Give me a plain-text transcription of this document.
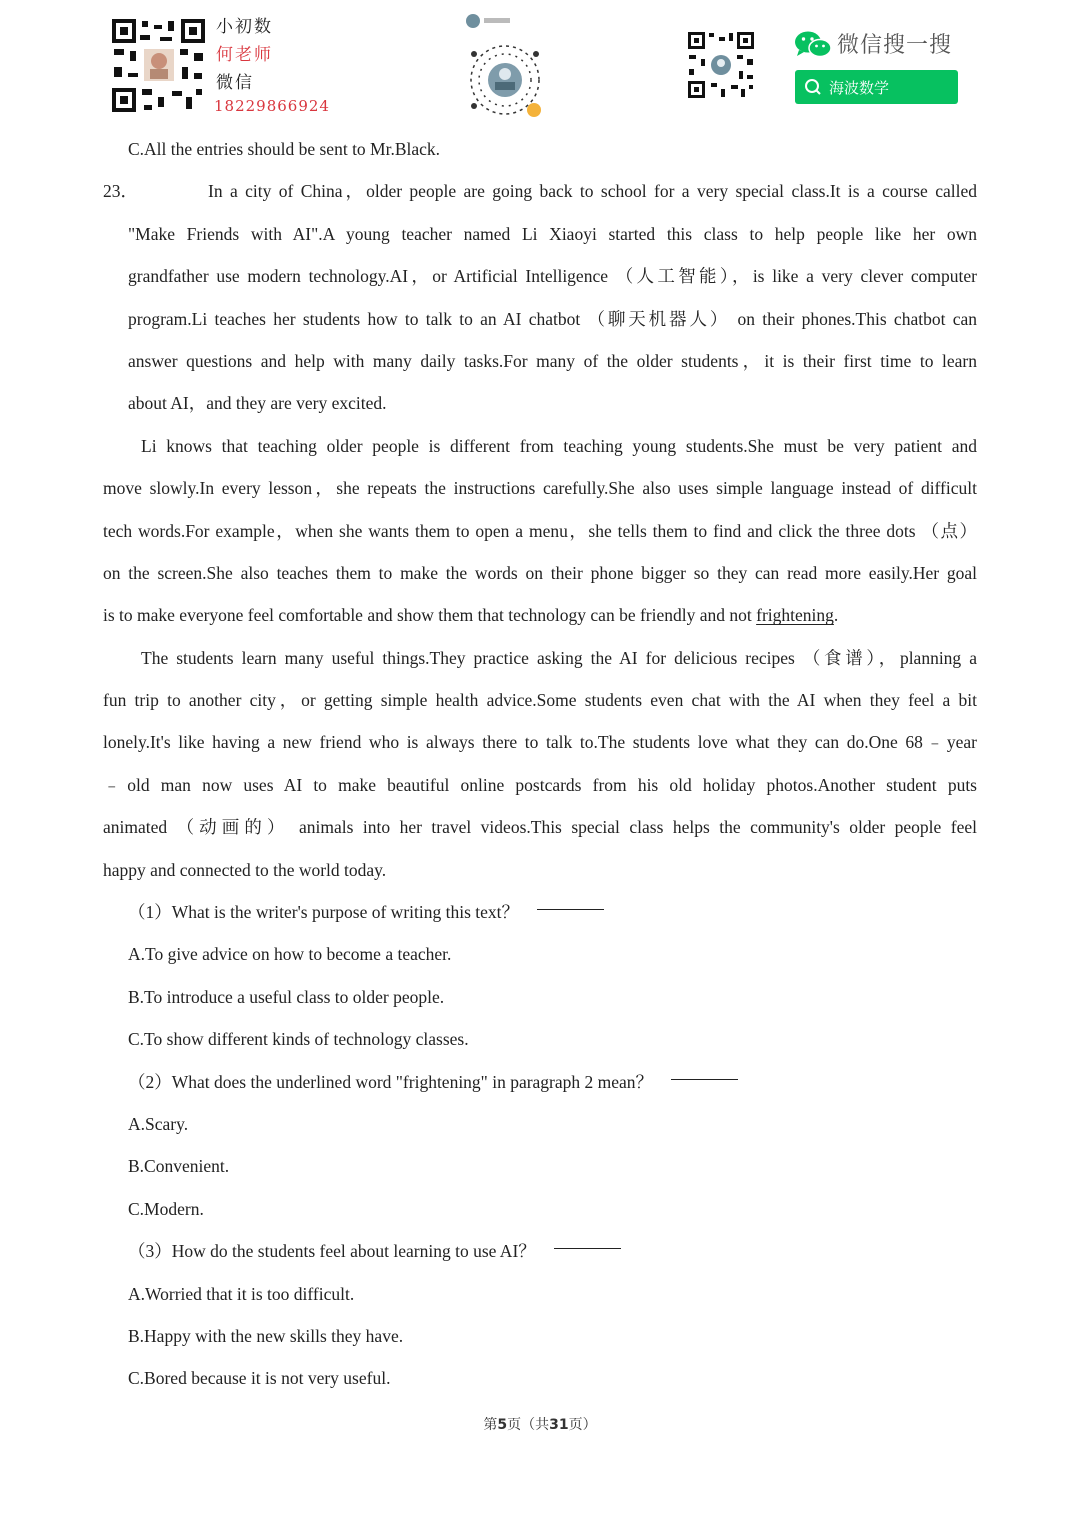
小初数
何老师
微信
18229866924
微信搜一搜
海波数学
C.All the entries should be sent to Mr.Black.
23．	In a city of China，older people are going back to school for a very special class.It is a course called
"Make Friends with AI".A young teacher named Li Xiaoyi started this class to help people like her own
grandfather use modern technology.AI，or Artificial Intelligence （人工智能），is like a very clever computer
program.Li teaches her students how to talk to an AI chatbot （聊天机器人） on their phones.This chatbot can
answer questions and help with many daily tasks.For many of the older students，it is their first time to learn
about AI，and they are very excited.
Li knows that teaching older people is different from teaching young students.She must be very patient and
move slowly.In every lesson，she repeats the instructions carefully.She also uses simple language instead of difficult
tech words.For example，when she wants them to open a menu，she tells them to find and click the three dots （点）
on the screen.She also teaches them to make the words on their phone bigger so they can read more easily.Her goal
is to make everyone feel comfortable and show them that technology can be friendly and not frightening.
The students learn many useful things.They practice asking the AI for delicious recipes （食谱），planning a
fun trip to another city，or getting simple health advice.Some students even chat with the AI when they feel a bit
lonely.It's like having a new friend who is always there to talk to.The students love what they can do.One 68﹣year
﹣old man now uses AI to make beautiful online postcards from his old holiday photos.Another student puts
animated （动画的） animals into her travel videos.This special class helps the community's older people feel
happy and connected to the world today.
（1）What is the writer's purpose of writing this text？
A.To give advice on how to become a teacher.
B.To introduce a useful class to older people.
C.To show different kinds of technology classes.
（2）What does the underlined word "frightening" in paragraph 2 mean？
A.Scary.
B.Convenient.
C.Modern.
（3）How do the students feel about learning to use AI？
A.Worried that it is too difficult.
B.Happy with the new skills they have.
C.Bored because it is not very useful.
第5页（共31页）
